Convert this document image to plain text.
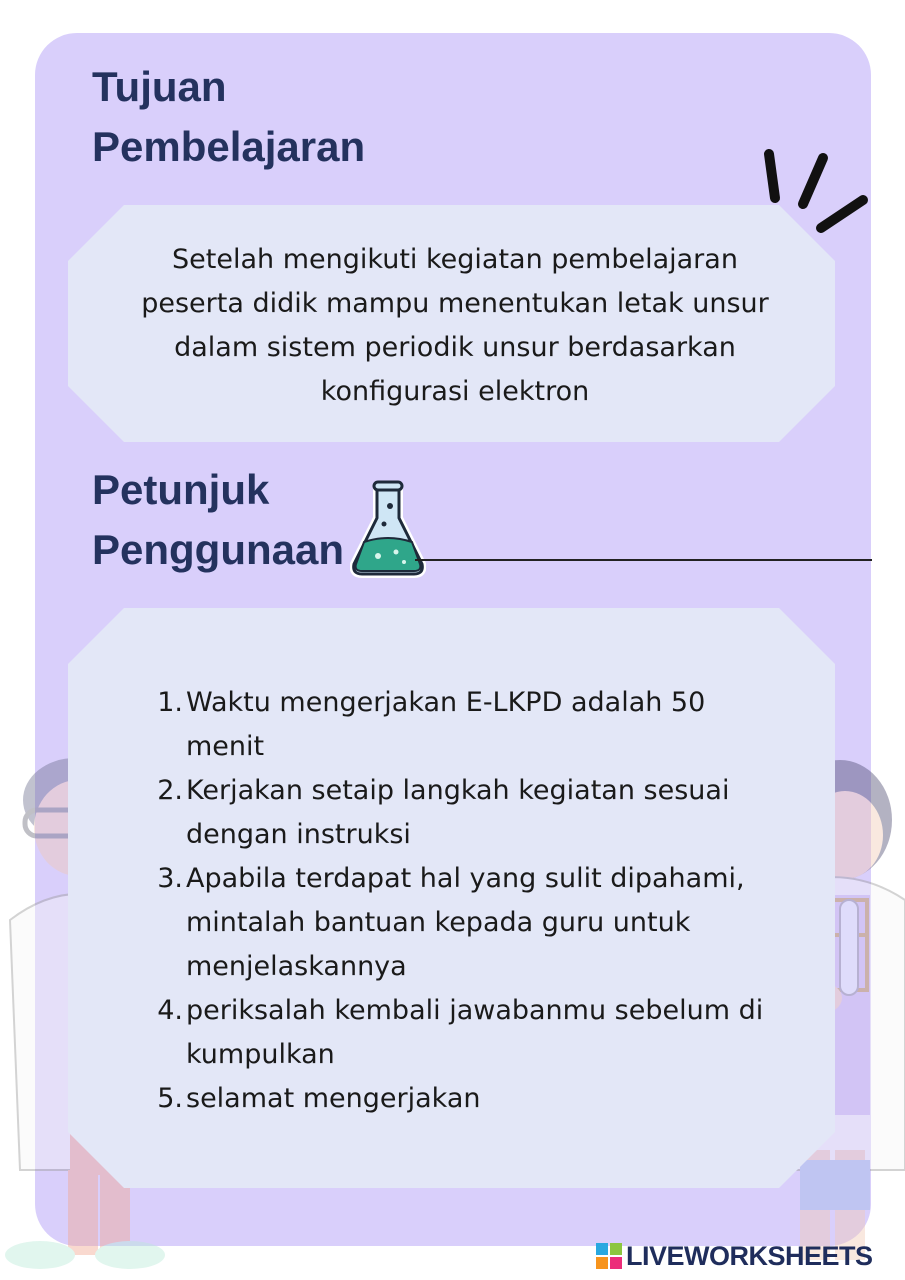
Tujuan
Pembelajaran

Setelah mengikuti kegiatan pembelajaran peserta didik mampu menentukan letak unsur dalam sistem periodik unsur berdasarkan konfigurasi elektron

Petunjuk
Penggunaan
1. Waktu mengerjakan E-LKPD adalah 50 menit
2. Kerjakan setaip langkah kegiatan sesuai dengan instruksi
3. Apabila terdapat hal yang sulit dipahami, mintalah bantuan kepada guru untuk menjelaskannya
4. periksalah kembali jawabanmu sebelum di kumpulkan
5. selamat mengerjakan
LIVEWORKSHEETS
